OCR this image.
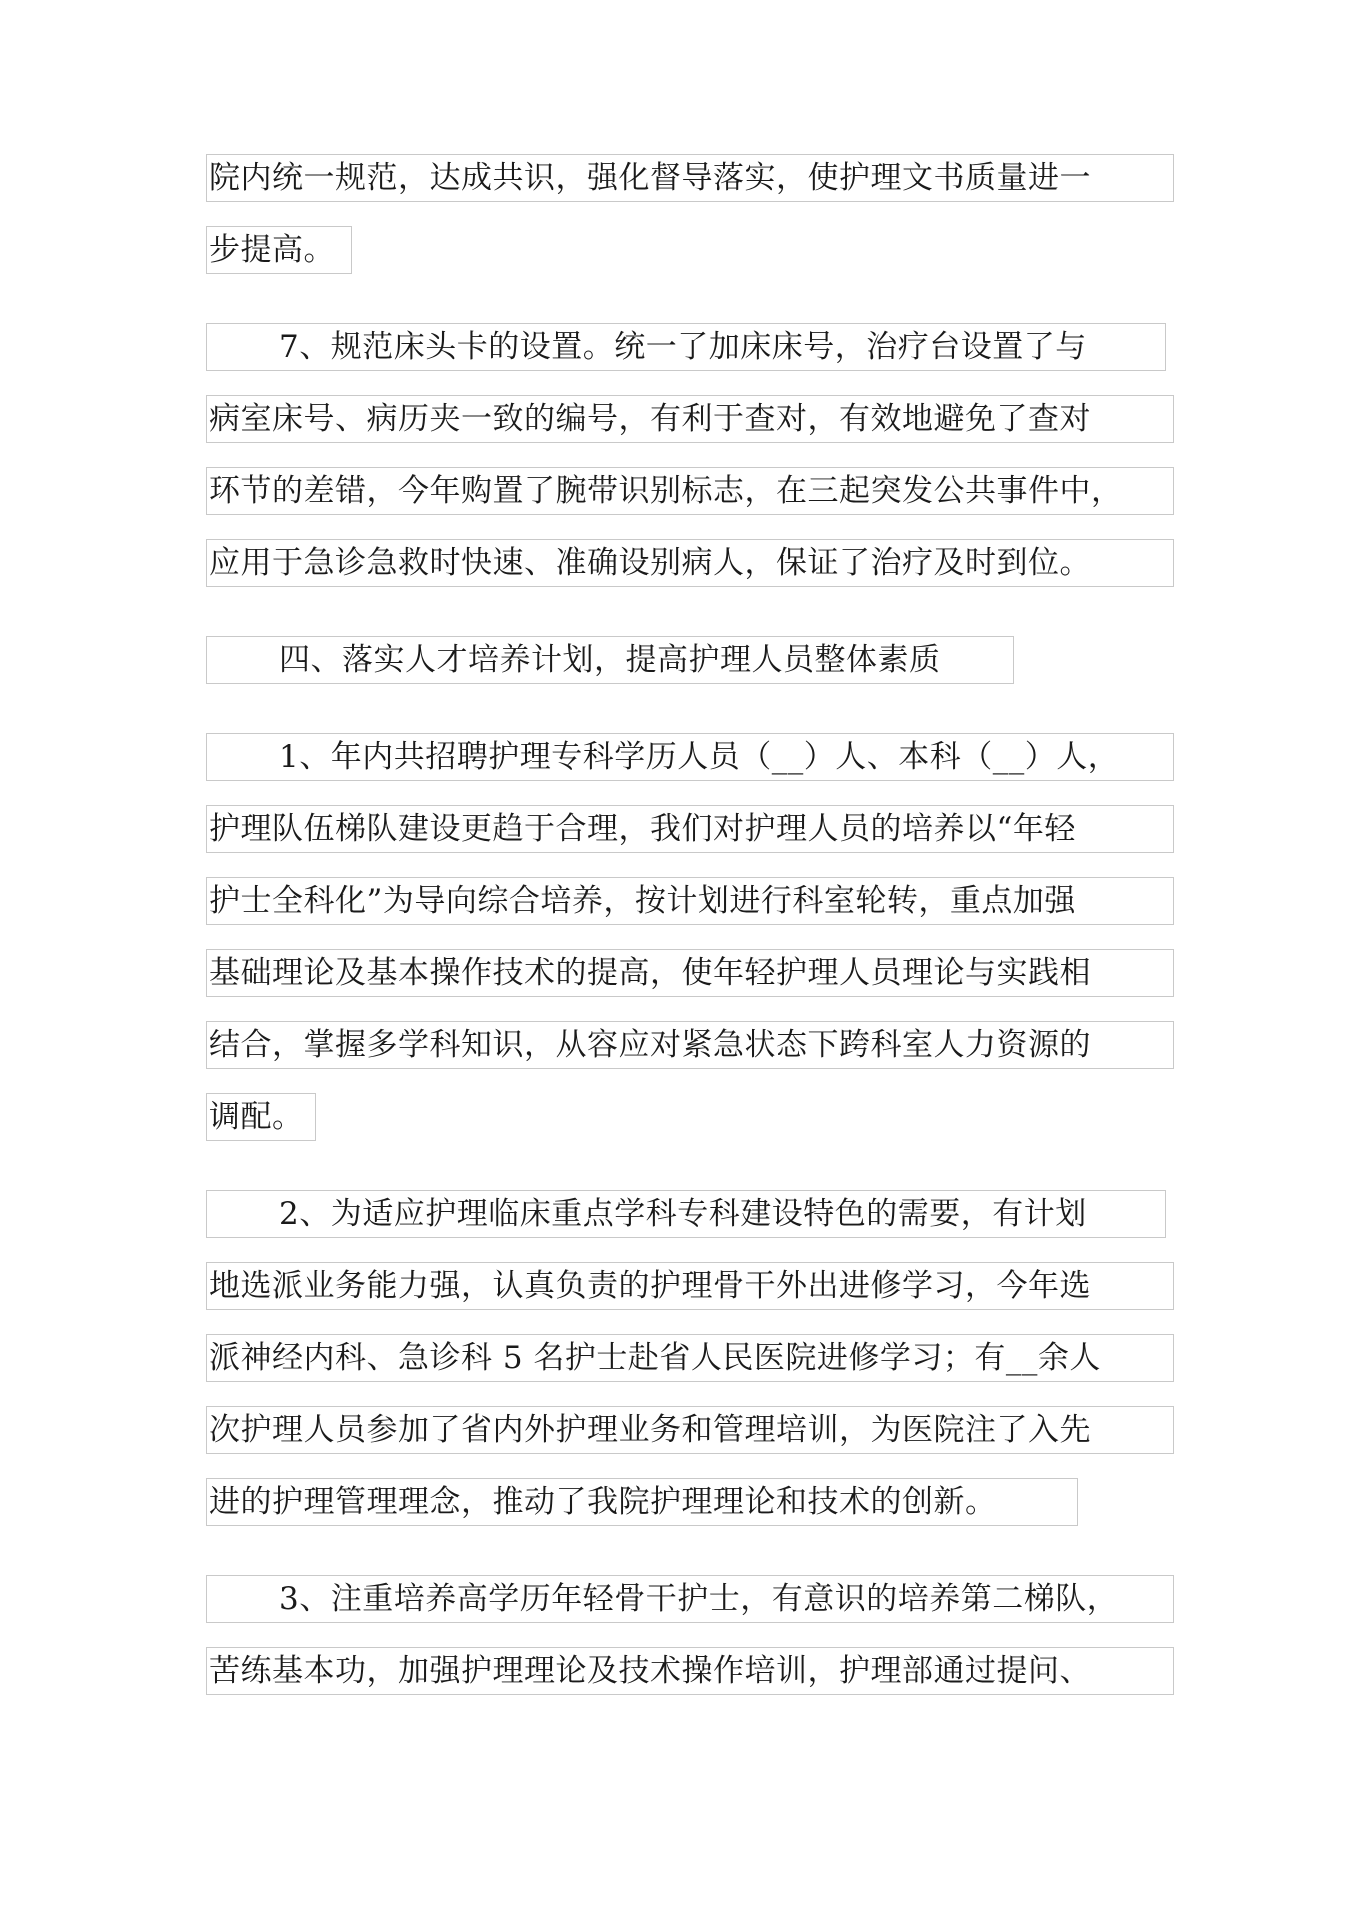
院内统一规范，达成共识，强化督导落实，使护理文书质量进一
步提高。
7、规范床头卡的设置。统一了加床床号，治疗台设置了与
病室床号、病历夹一致的编号，有利于查对，有效地避免了查对
环节的差错，今年购置了腕带识别标志，在三起突发公共事件中，
应用于急诊急救时快速、准确设别病人，保证了治疗及时到位。
四、落实人才培养计划，提高护理人员整体素质
1、年内共招聘护理专科学历人员（__）人、本科（__）人，
护理队伍梯队建设更趋于合理，我们对护理人员的培养以“年轻
护士全科化”为导向综合培养，按计划进行科室轮转，重点加强
基础理论及基本操作技术的提高，使年轻护理人员理论与实践相
结合，掌握多学科知识，从容应对紧急状态下跨科室人力资源的
调配。
2、为适应护理临床重点学科专科建设特色的需要，有计划
地选派业务能力强，认真负责的护理骨干外出进修学习，今年选
派神经内科、急诊科 5 名护士赴省人民医院进修学习；有__余人
次护理人员参加了省内外护理业务和管理培训，为医院注了入先
进的护理管理理念，推动了我院护理理论和技术的创新。
3、注重培养高学历年轻骨干护士，有意识的培养第二梯队，
苦练基本功，加强护理理论及技术操作培训，护理部通过提问、
